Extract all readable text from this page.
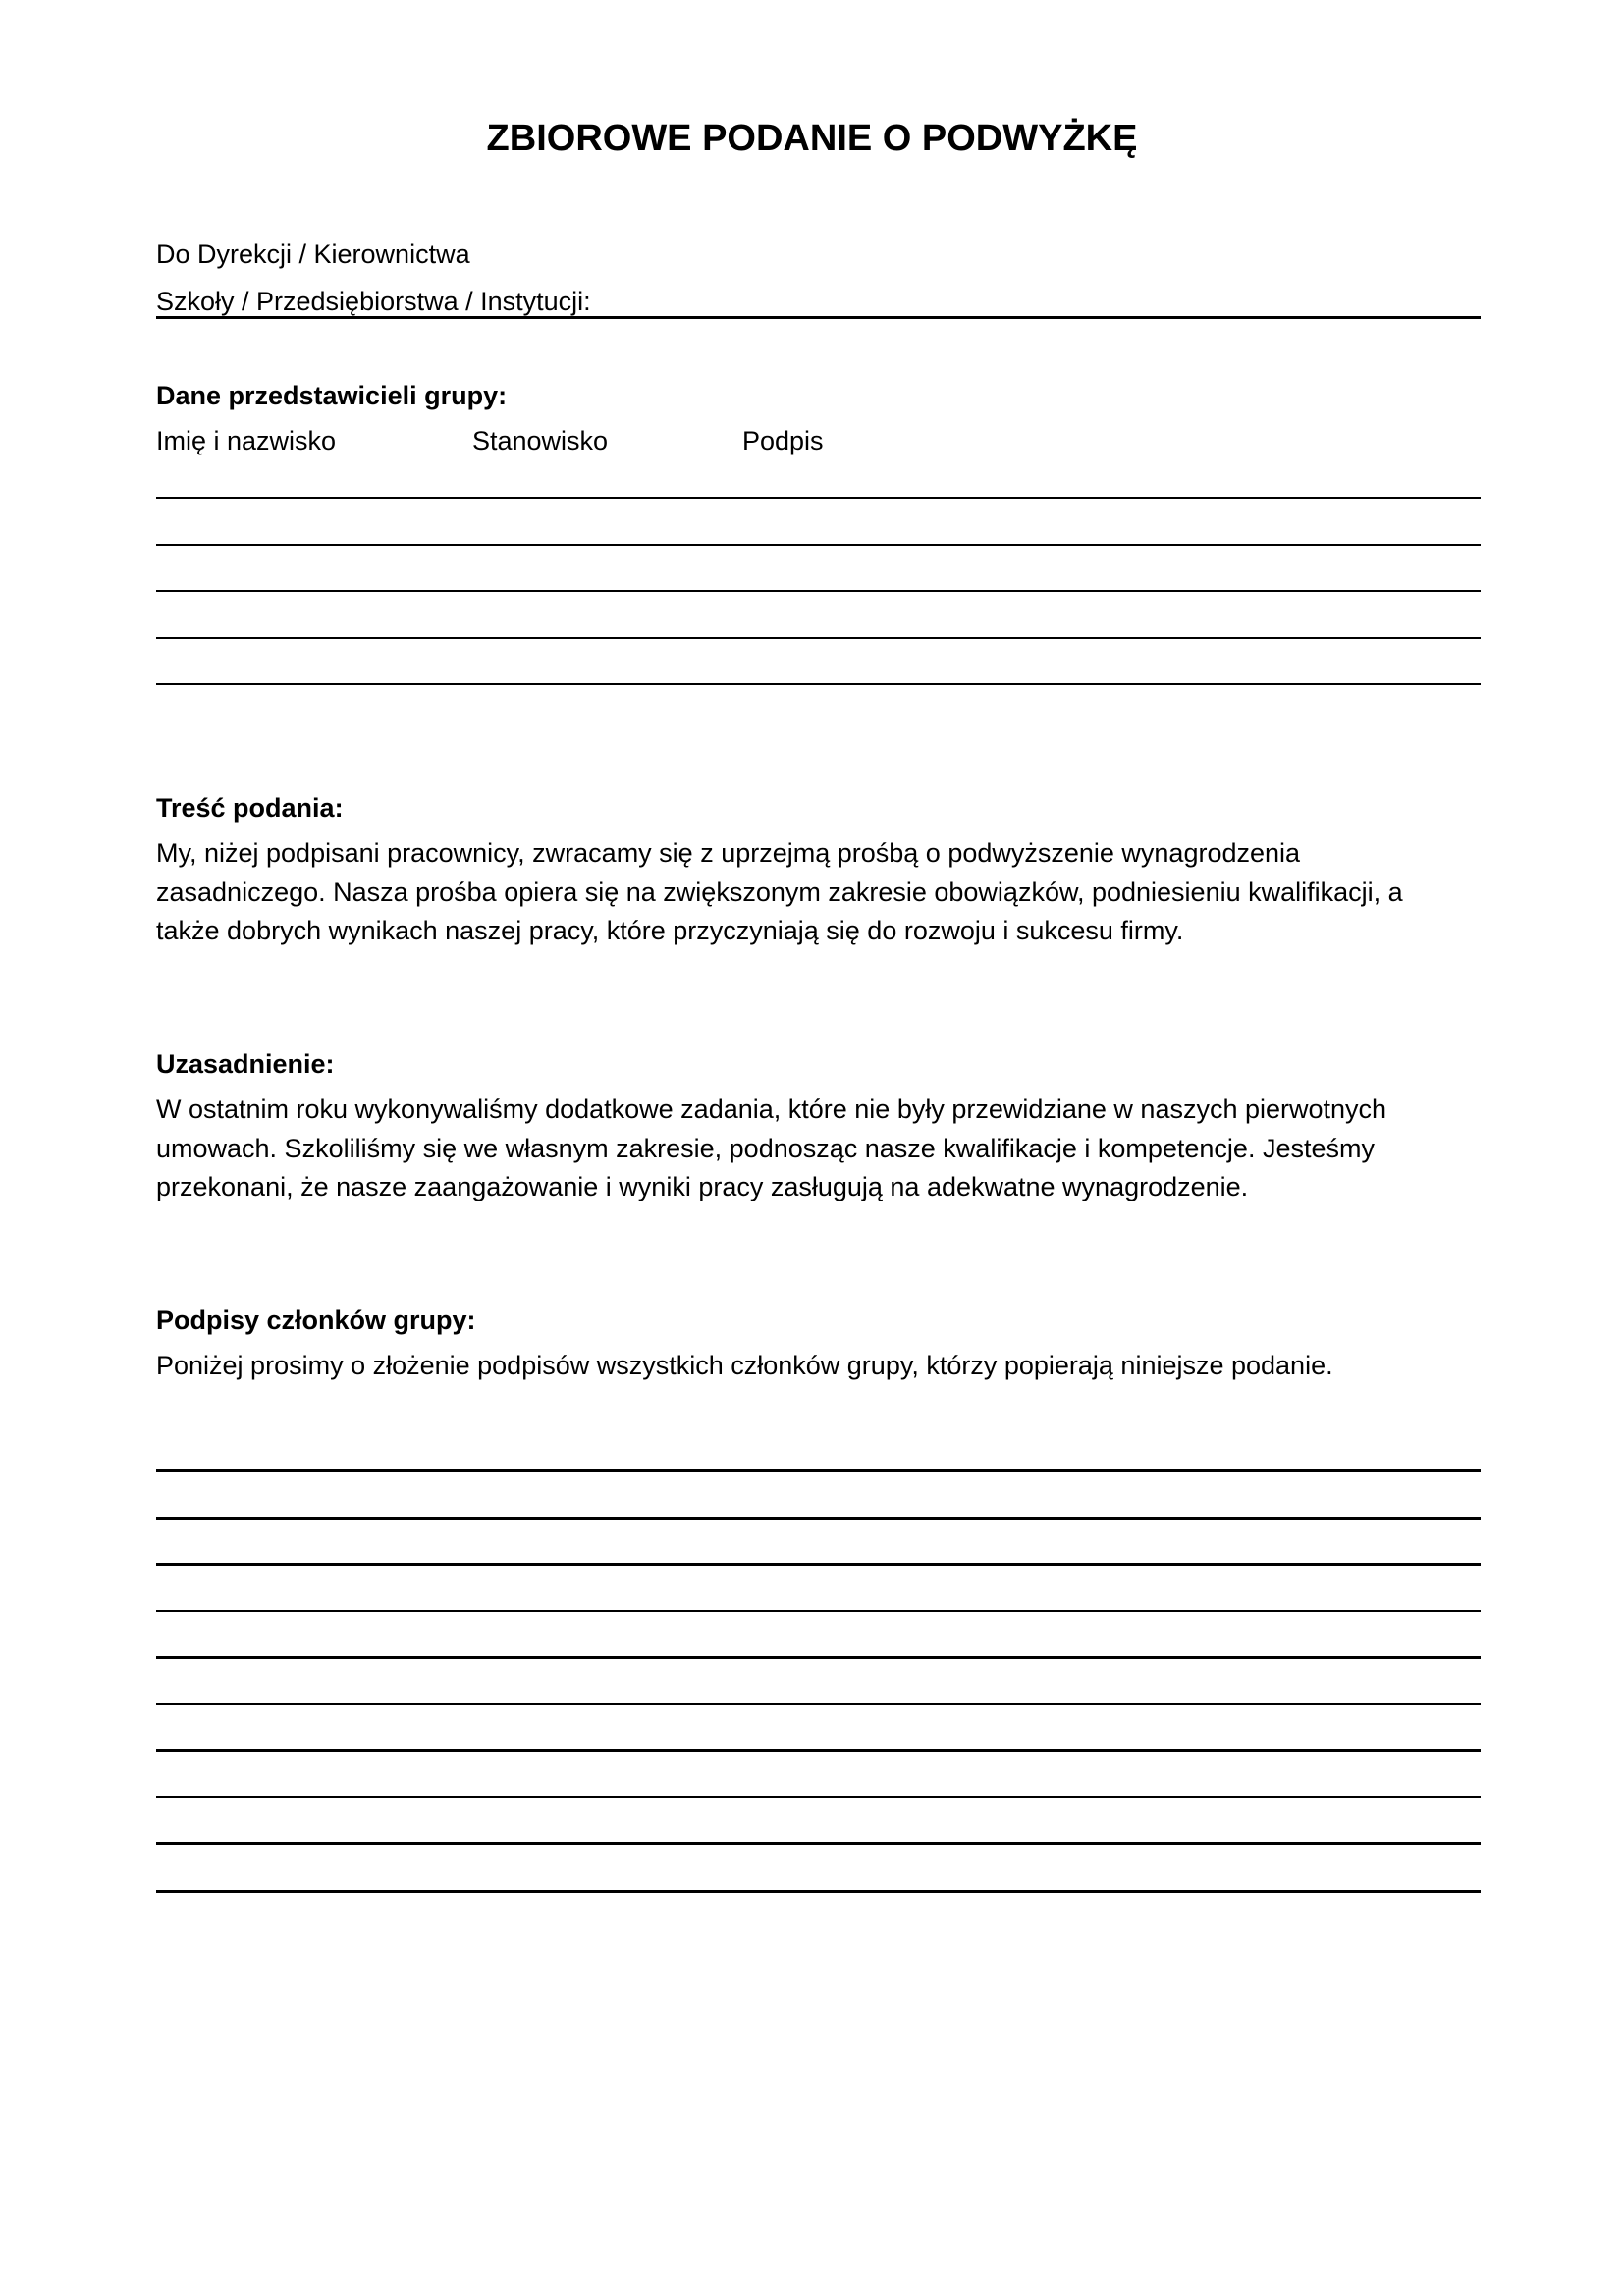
ZBIOROWE PODANIE O PODWYŻKĘ
Do Dyrekcji / Kierownictwa
Szkoły / Przedsiębiorstwa / Instytucji:
Dane przedstawicieli grupy:
Imię i nazwisko	Stanowisko	Podpis
Treść podania:
My, niżej podpisani pracownicy, zwracamy się z uprzejmą prośbą o podwyższenie wynagrodzenia
zasadniczego. Nasza prośba opiera się na zwiększonym zakresie obowiązków, podniesieniu kwalifikacji, a
także dobrych wynikach naszej pracy, które przyczyniają się do rozwoju i sukcesu firmy.
Uzasadnienie:
W ostatnim roku wykonywaliśmy dodatkowe zadania, które nie były przewidziane w naszych pierwotnych
umowach. Szkoliliśmy się we własnym zakresie, podnosząc nasze kwalifikacje i kompetencje. Jesteśmy
przekonani, że nasze zaangażowanie i wyniki pracy zasługują na adekwatne wynagrodzenie.
Podpisy członków grupy:
Poniżej prosimy o złożenie podpisów wszystkich członków grupy, którzy popierają niniejsze podanie.
